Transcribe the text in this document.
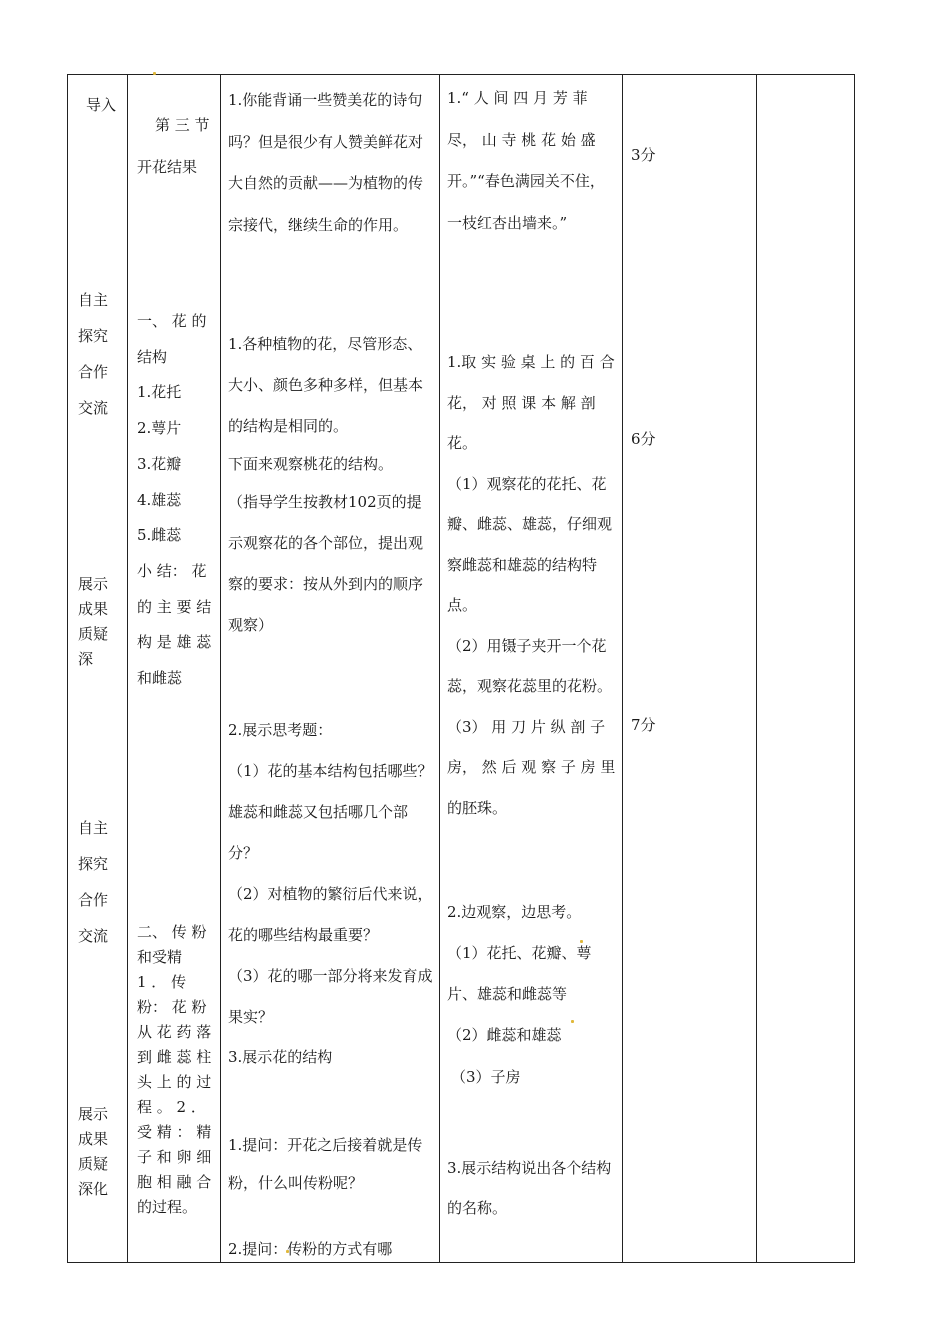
导入
自主
探究
合作
交流
展示
成果
质疑
深
自主
探究
合作
交流
展示
成果
质疑
深化
第 三 节 开花结果
一、 花 的
结构
1.花托
2.萼片
3.花瓣
4.雄蕊
5.雌蕊
小 结： 花
的 主 要 结
构 是 雄 蕊
和雌蕊
二、 传 粉
和受精
1 ． 传
粉： 花 粉
从 花 药 落
到 雌 蕊 柱
头 上 的 过
程 。 2 ．
受 精 ： 精
子 和 卵 细
胞 相 融 合
的过程。
1.你能背诵一些赞美花的诗句吗？但是很少有人赞美鲜花对大自然的贡献——为植物的传宗接代，继续生命的作用。

1.各种植物的花，尽管形态、大小、颜色多种多样，但基本的结构是相同的。

下面来观察桃花的结构。

（指导学生按教材102页的提示观察花的各个部位，提出观察的要求：按从外到内的顺序观察）

2.展示思考题：

（1）花的基本结构包括哪些？雄蕊和雌蕊又包括哪几个部分？

（2）对植物的繁衍后代来说，花的哪些结构最重要？

（3）花的哪一部分将来发育成果实？

3.展示花的结构
1.提问：开花之后接着就是传粉，什么叫传粉呢？
2.提问：传粉的方式有哪
1.“ 人 间 四 月 芳 菲 尽， 山 寺 桃 花 始 盛 开。”“春色满园关不住，一枝红杏出墙来。”

1.取 实 验 桌 上 的 百 合 花， 对 照 课 本 解 剖 花。

（1）观察花的花托、花瓣、雌蕊、雄蕊，仔细观察雌蕊和雄蕊的结构特点。

（2）用镊子夹开一个花蕊，观察花蕊里的花粉。

（3） 用 刀 片 纵 剖 子 房， 然 后 观 察 子 房 里 的胚珠。

2.边观察，边思考。

（1）花托、花瓣、萼片、雄蕊和雌蕊等

（2）雌蕊和雄蕊

（3）子房
3.展示结构说出各个结构的名称。
3分
6分
7分
